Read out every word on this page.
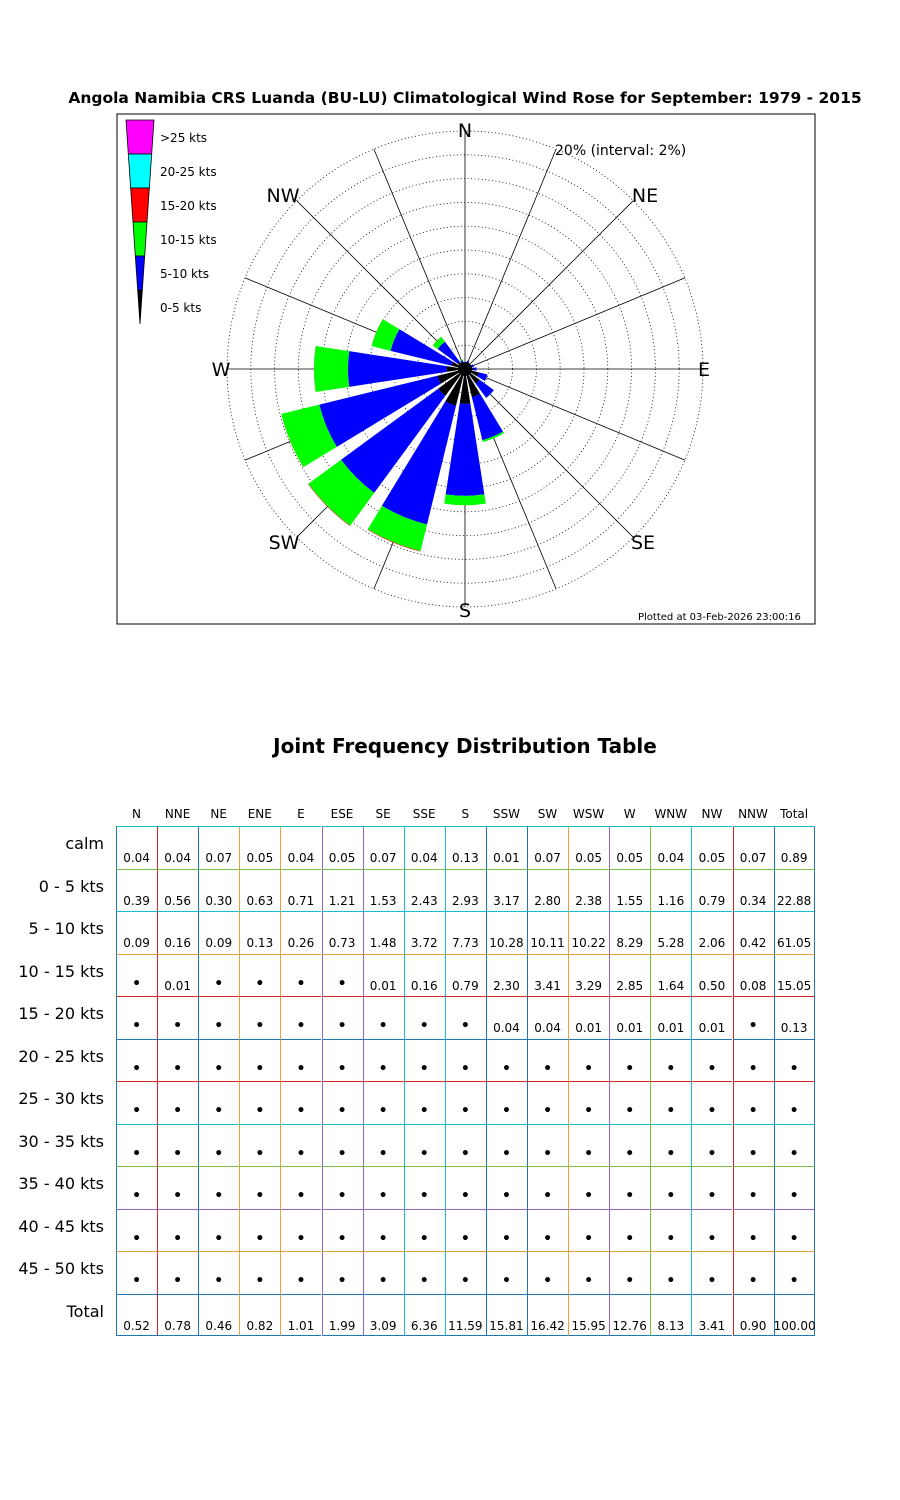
>25 kts
20-25 kts
15-20 kts
10-15 kts
5-10 kts
0-5 kts
N
S
E
W
NE
NW
SE
SW
20% (interval: 2%)
Angola Namibia CRS Luanda (BU-LU) Climatological Wind Rose for September: 1979 - 2015
Plotted at 03-Feb-2026 23:00:16
Joint Frequency Distribution Table
N	NNE	NE	ENE	E	ESE	SE	SSE	S	SSW	SW	WSW	W	WNW	NW	NNW	Total
calm
0.04	0.04	0.07	0.05	0.04	0.05	0.07	0.04	0.13	0.01	0.07	0.05	0.05	0.04	0.05	0.07	0.89
0 - 5 kts
0.39	0.56	0.30	0.63	0.71	1.21	1.53	2.43	2.93	3.17	2.80	2.38	1.55	1.16	0.79	0.34 22.88
5 - 10 kts
0.09	0.16	0.09	0.13	0.26	0.73	1.48	3.72	7.73 10.28 10.11 10.22 8.29	5.28	2.06	0.42 61.05
10 - 15 kts
•	0.01	•	•	•	•	0.01	0.16	0.79	2.30	3.41	3.29	2.85	1.64	0.50	0.08 15.05
15 - 20 kts
•	•	•	•	•	•	•	•	•	0.04	0.04	0.01	0.01	0.01	0.01	•	0.13
20 - 25 kts
•	•	•	•	•	•	•	•	•	•	•	•	•	•	•	•	•
25 - 30 kts
•	•	•	•	•	•	•	•	•	•	•	•	•	•	•	•	•
30 - 35 kts
•	•	•	•	•	•	•	•	•	•	•	•	•	•	•	•	•
35 - 40 kts
•	•	•	•	•	•	•	•	•	•	•	•	•	•	•	•	•
40 - 45 kts
•	•	•	•	•	•	•	•	•	•	•	•	•	•	•	•	•
45 - 50 kts
•	•	•	•	•	•	•	•	•	•	•	•	•	•	•	•	•
Total
0.52	0.78	0.46	0.82	1.01	1.99	3.09	6.36 11.59 15.81 16.42 15.95 12.76 8.13	3.41	0.90 100.00
